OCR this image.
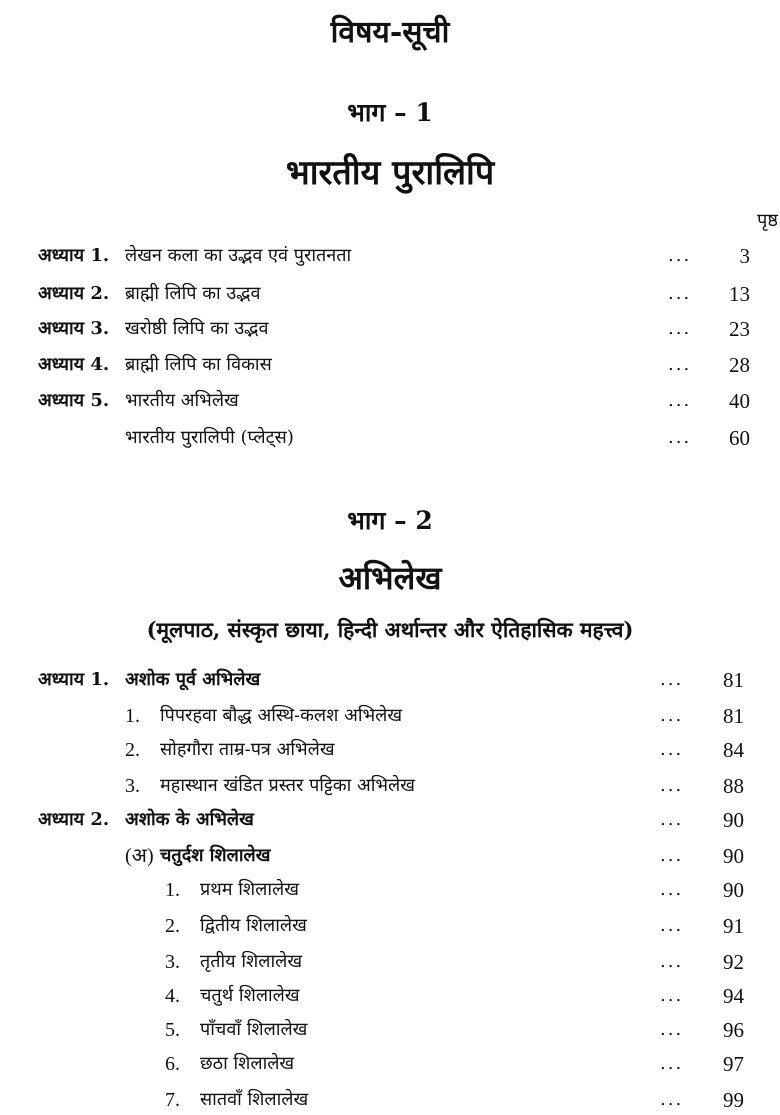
विषय-सूची
भाग – 1
भारतीय पुरालिपि
पृष्ठ
अध्याय 1. लेखन कला का उद्भव एवं पुरातनता	...	3
अध्याय 2. ब्राह्मी लिपि का उद्भव	...	13
अध्याय 3. खरोष्ठी लिपि का उद्भव	...	23
अध्याय 4. ब्राह्मी लिपि का विकास	...	28
अध्याय 5. भारतीय अभिलेख	...	40
भारतीय पुरालिपी (प्लेट्स)	...	60
भाग – 2
अभिलेख
(मूलपाठ, संस्कृत छाया, हिन्दी अर्थान्तर और ऐतिहासिक महत्त्व)
अध्याय 1. अशोक पूर्व अभिलेख	...	81
1. पिपरहवा बौद्ध अस्थि-कलश अभिलेख	...	81
2. सोहगौरा ताम्र-पत्र अभिलेख	...	84
3. महास्थान खंडित प्रस्तर पट्टिका अभिलेख	...	88
अध्याय 2. अशोक के अभिलेख	...	90
(अ) चतुर्दश शिलालेख	...	90
1. प्रथम शिलालेख	...	90
2. द्वितीय शिलालेख	...	91
3. तृतीय शिलालेख	...	92
4. चतुर्थ शिलालेख	...	94
5. पाँचवाँ शिलालेख	...	96
6. छठा शिलालेख	...	97
7. सातवाँ शिलालेख	...	99
